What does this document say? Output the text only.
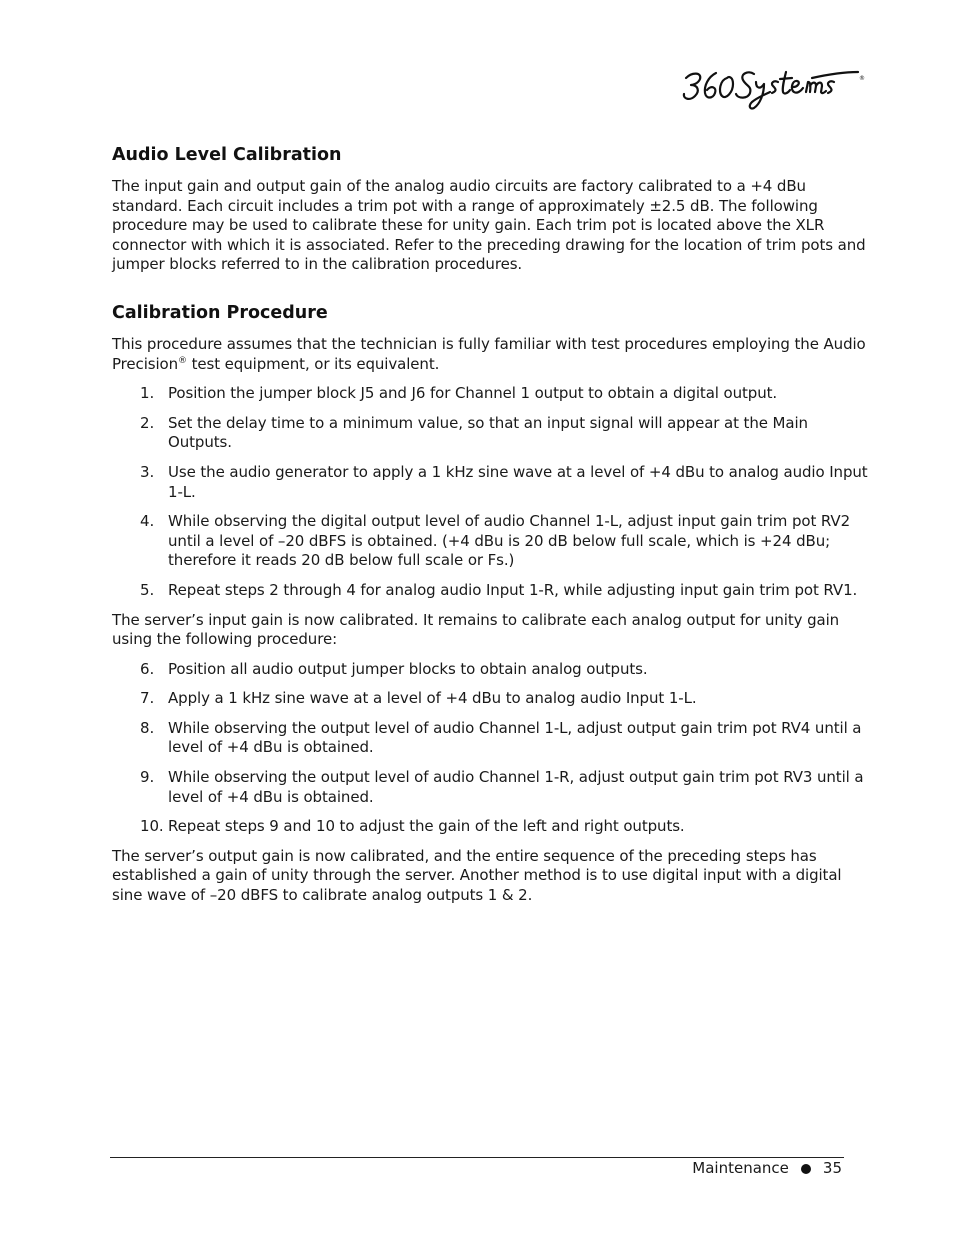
®
Audio Level Calibration

The input gain and output gain of the analog audio circuits are factory calibrated to a +4 dBu standard. Each circuit includes a trim pot with a range of approximately ±2.5 dB. The following procedure may be used to calibrate these for unity gain. Each trim pot is located above the XLR connector with which it is associated. Refer to the preceding drawing for the location of trim pots and jumper blocks referred to in the calibration procedures.

Calibration Procedure

This procedure assumes that the technician is fully familiar with test procedures employing the Audio Precision® test equipment, or its equivalent.

1. Position the jumper block J5 and J6 for Channel 1 output to obtain a digital output.
2. Set the delay time to a minimum value, so that an input signal will appear at the Main Outputs.
3. Use the audio generator to apply a 1 kHz sine wave at a level of +4 dBu to analog audio Input 1-L.
4. While observing the digital output level of audio Channel 1-L, adjust input gain trim pot RV2 until a level of –20 dBFS is obtained. (+4 dBu is 20 dB below full scale, which is +24 dBu; therefore it reads 20 dB below full scale or Fs.)
5. Repeat steps 2 through 4 for analog audio Input 1-R, while adjusting input gain trim pot RV1.

The server’s input gain is now calibrated. It remains to calibrate each analog output for unity gain using the following procedure:

6. Position all audio output jumper blocks to obtain analog outputs.
7. Apply a 1 kHz sine wave at a level of +4 dBu to analog audio Input 1-L.
8. While observing the output level of audio Channel 1-L, adjust output gain trim pot RV4 until a level of +4 dBu is obtained.
9. While observing the output level of audio Channel 1-R, adjust output gain trim pot RV3 until a level of +4 dBu is obtained.
10. Repeat steps 9 and 10 to adjust the gain of the left and right outputs.

The server’s output gain is now calibrated, and the entire sequence of the preceding steps has established a gain of unity through the server. Another method is to use digital input with a digital sine wave of –20 dBFS to calibrate analog outputs 1 & 2.

Maintenance 35
